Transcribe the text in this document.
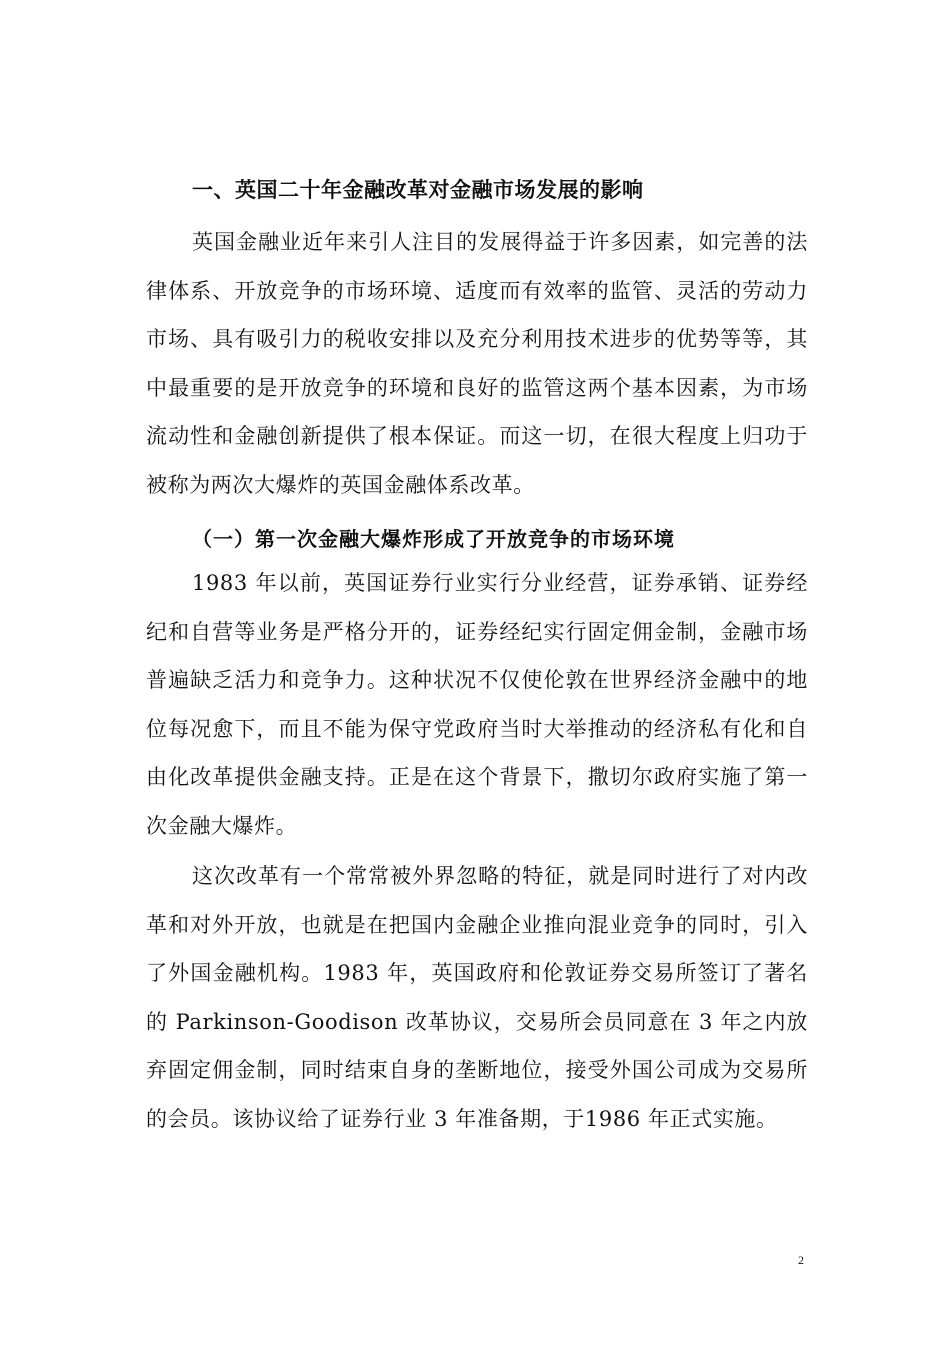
一、英国二十年金融改革对金融市场发展的影响

英国金融业近年来引人注目的发展得益于许多因素，如完善的法律体系、开放竞争的市场环境、适度而有效率的监管、灵活的劳动力市场、具有吸引力的税收安排以及充分利用技术进步的优势等等，其中最重要的是开放竞争的环境和良好的监管这两个基本因素，为市场流动性和金融创新提供了根本保证。而这一切，在很大程度上归功于被称为两次大爆炸的英国金融体系改革。

（一）第一次金融大爆炸形成了开放竞争的市场环境

1983 年以前，英国证券行业实行分业经营，证券承销、证券经纪和自营等业务是严格分开的，证券经纪实行固定佣金制，金融市场普遍缺乏活力和竞争力。这种状况不仅使伦敦在世界经济金融中的地位每况愈下，而且不能为保守党政府当时大举推动的经济私有化和自由化改革提供金融支持。正是在这个背景下，撒切尔政府实施了第一次金融大爆炸。

这次改革有一个常常被外界忽略的特征，就是同时进行了对内改革和对外开放，也就是在把国内金融企业推向混业竞争的同时，引入了外国金融机构。1983 年，英国政府和伦敦证券交易所签订了著名的 Parkinson-Goodison 改革协议，交易所会员同意在 3 年之内放弃固定佣金制，同时结束自身的垄断地位，接受外国公司成为交易所的会员。该协议给了证券行业 3 年准备期，于1986 年正式实施。

2
